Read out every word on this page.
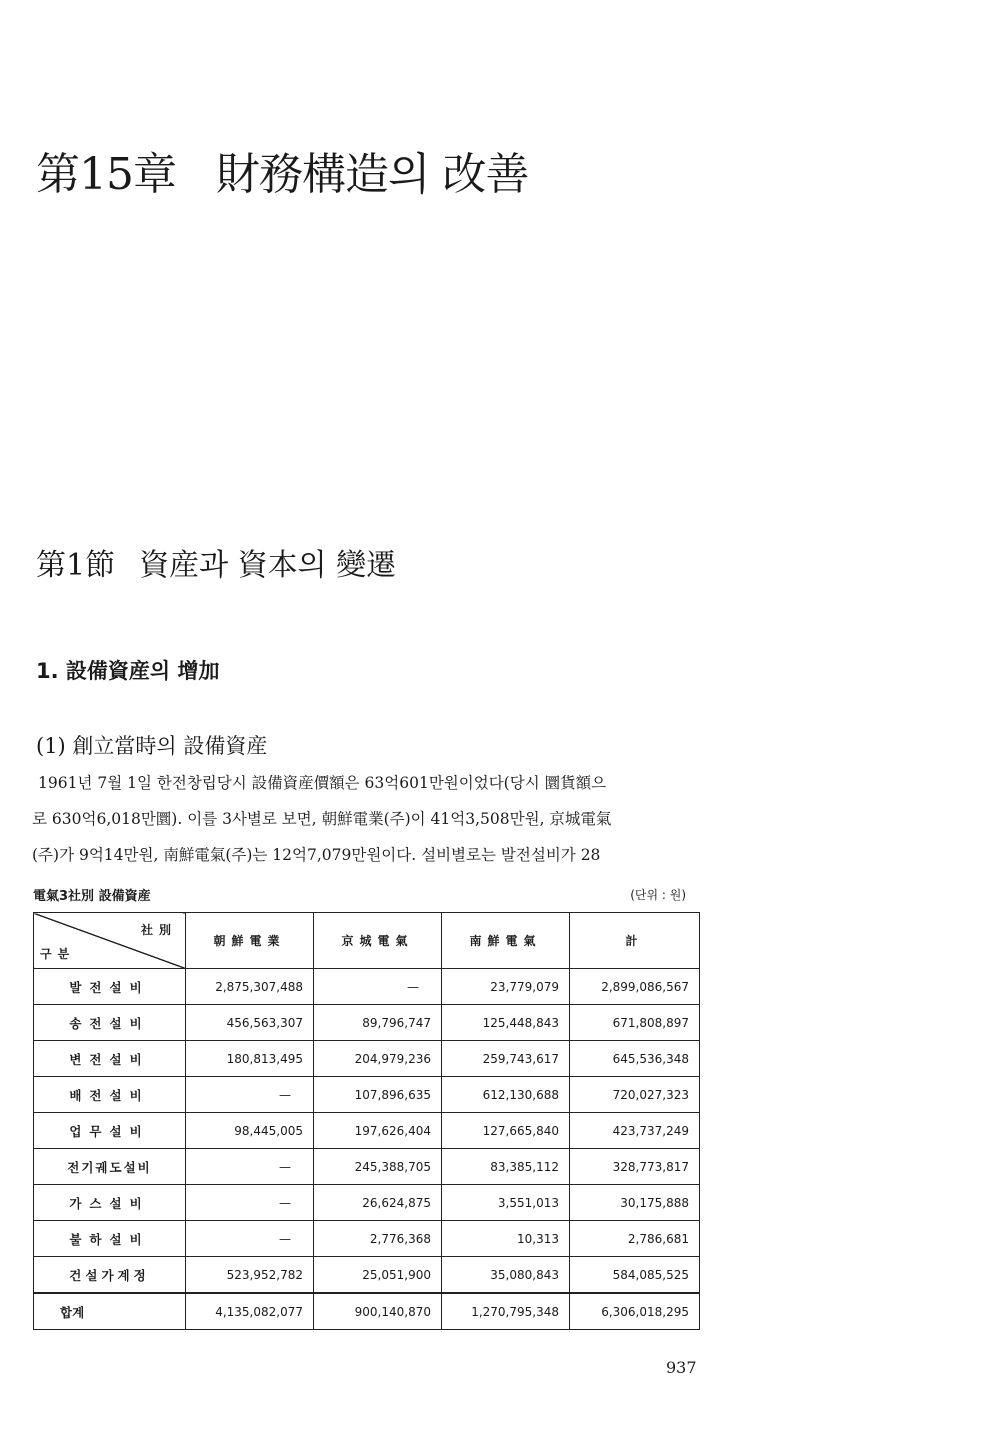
第15章 財務構造의 改善
第1節 資産과 資本의 變遷
1. 設備資産의 增加
(1) 創立當時의 設備資産

1961년 7월 1일 한전창립당시 設備資産價額은 63억601만원이었다(당시 圜貨額으

로 630억6,018만圜). 이를 3사별로 보면, 朝鮮電業(주)이 41억3,508만원, 京城電氣

(주)가 9억14만원, 南鮮電氣(주)는 12억7,079만원이다. 설비별로는 발전설비가 28

電氣3社別 設備資産	(단위 : 원)
社別
구분	朝鮮電業	京城電氣	南鮮電氣	計
발전설비	2,875,307,488	—	23,779,079	2,899,086,567
송전설비	456,563,307	89,796,747	125,448,843	671,808,897
변전설비	180,813,495	204,979,236	259,743,617	645,536,348
배전설비	—	107,896,635	612,130,688	720,027,323
업무설비	98,445,005	197,626,404	127,665,840	423,737,249
전기궤도설비	—	245,388,705	83,385,112	328,773,817
가스설비	—	26,624,875	3,551,013	30,175,888
불하설비	—	2,776,368	10,313	2,786,681
건설가계정	523,952,782	25,051,900	35,080,843	584,085,525
합계	4,135,082,077	900,140,870	1,270,795,348	6,306,018,295
937
